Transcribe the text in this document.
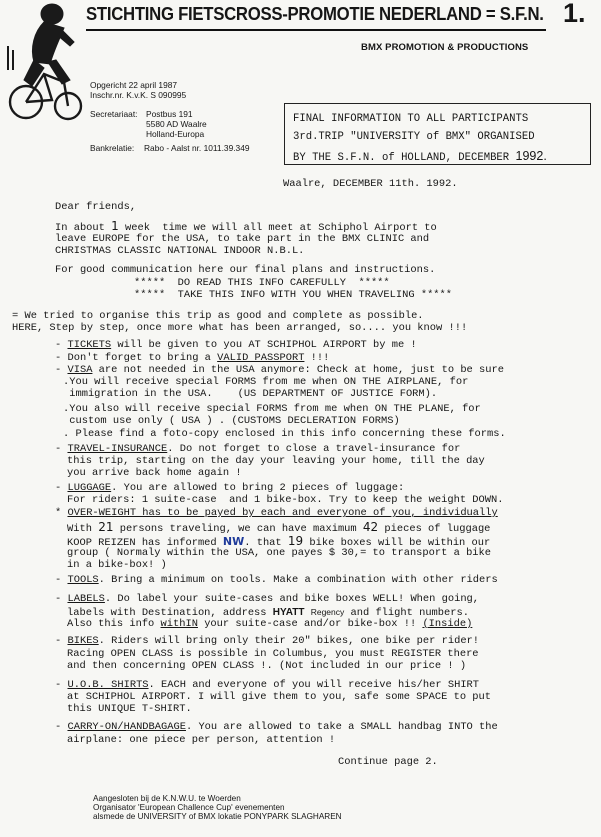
STICHTING FIETSCROSS-PROMOTIE NEDERLAND = S.F.N. 1.
BMX PROMOTION & PRODUCTIONS
Opgericht 22 april 1987
Inschr.nr. K.v.K. S 090995
Secretariaat: Postbus 191
5580 AD Waalre
Holland-Europa
Bankrelatie: Rabo - Aalst nr. 1011.39.349
FINAL INFORMATION TO ALL PARTICIPANTS
3rd.TRIP "UNIVERSITY of BMX" ORGANISED
BY THE S.F.N. of HOLLAND, DECEMBER 1992.
Waalre, DECEMBER 11th. 1992.
Dear friends,
In about 1 week  time we will all meet at Schiphol Airport to
leave EUROPE for the USA, to take part in the BMX CLINIC and
CHRISTMAS CLASSIC NATIONAL INDOOR N.B.L.
For good communication here our final plans and instructions.
*****  DO READ THIS INFO CAREFULLY  *****
*****  TAKE THIS INFO WITH YOU WHEN TRAVELING *****
= We tried to organise this trip as good and complete as possible.
HERE, Step by step, once more what has been arranged, so.... you know !!!
- TICKETS will be given to you AT SCHIPHOL AIRPORT by me !
- Don't forget to bring a VALID PASSPORT !!!
- VISA are not needed in the USA anymore: Check at home, just to be sure
.You will receive special FORMS from me when ON THE AIRPLANE, for
immigration in the USA.    (US DEPARTMENT OF JUSTICE FORM).
.You also will receive special FORMS from me when ON THE PLANE, for
custom use only ( USA ) . (CUSTOMS DECLERATION FORMS)
. Please find a foto-copy enclosed in this info concerning these forms.
- TRAVEL-INSURANCE. Do not forget to close a travel-insurance for
this trip, starting on the day your leaving your home, till the day
you arrive back home again !
- LUGGAGE. You are allowed to bring 2 pieces of luggage:
For riders: 1 suite-case  and 1 bike-box. Try to keep the weight DOWN.
* OVER-WEIGHT has to be payed by each and everyone of you, individually
With 21 persons traveling, we can have maximum 42 pieces of luggage
KOOP REIZEN has informed NW. that 19 bike boxes will be within our
group ( Normaly within the USA, one payes $ 30,= to transport a bike
in a bike-box! )
- TOOLS. Bring a minimum on tools. Make a combination with other riders
- LABELS. Do label your suite-cases and bike boxes WELL! When going,
labels with Destination, address HYATT Regency and flight numbers.
Also this info withIN your suite-case and/or bike-box !! (Inside)
- BIKES. Riders will bring only their 20" bikes, one bike per rider!
Racing OPEN CLASS is possible in Columbus, you must REGISTER there
and then concerning OPEN CLASS !. (Not included in our price ! )
- U.O.B. SHIRTS. EACH and everyone of you will receive his/her SHIRT
at SCHIPHOL AIRPORT. I will give them to you, safe some SPACE to put
this UNIQUE T-SHIRT.
- CARRY-ON/HANDBAGAGE. You are allowed to take a SMALL handbag INTO the
airplane: one piece per person, attention !
Continue page 2.
Aangesloten bij de K.N.W.U. te Woerden
Organisator 'European Challence Cup' evenementen
alsmede de UNIVERSITY of BMX lokatie PONYPARK SLAGHAREN
